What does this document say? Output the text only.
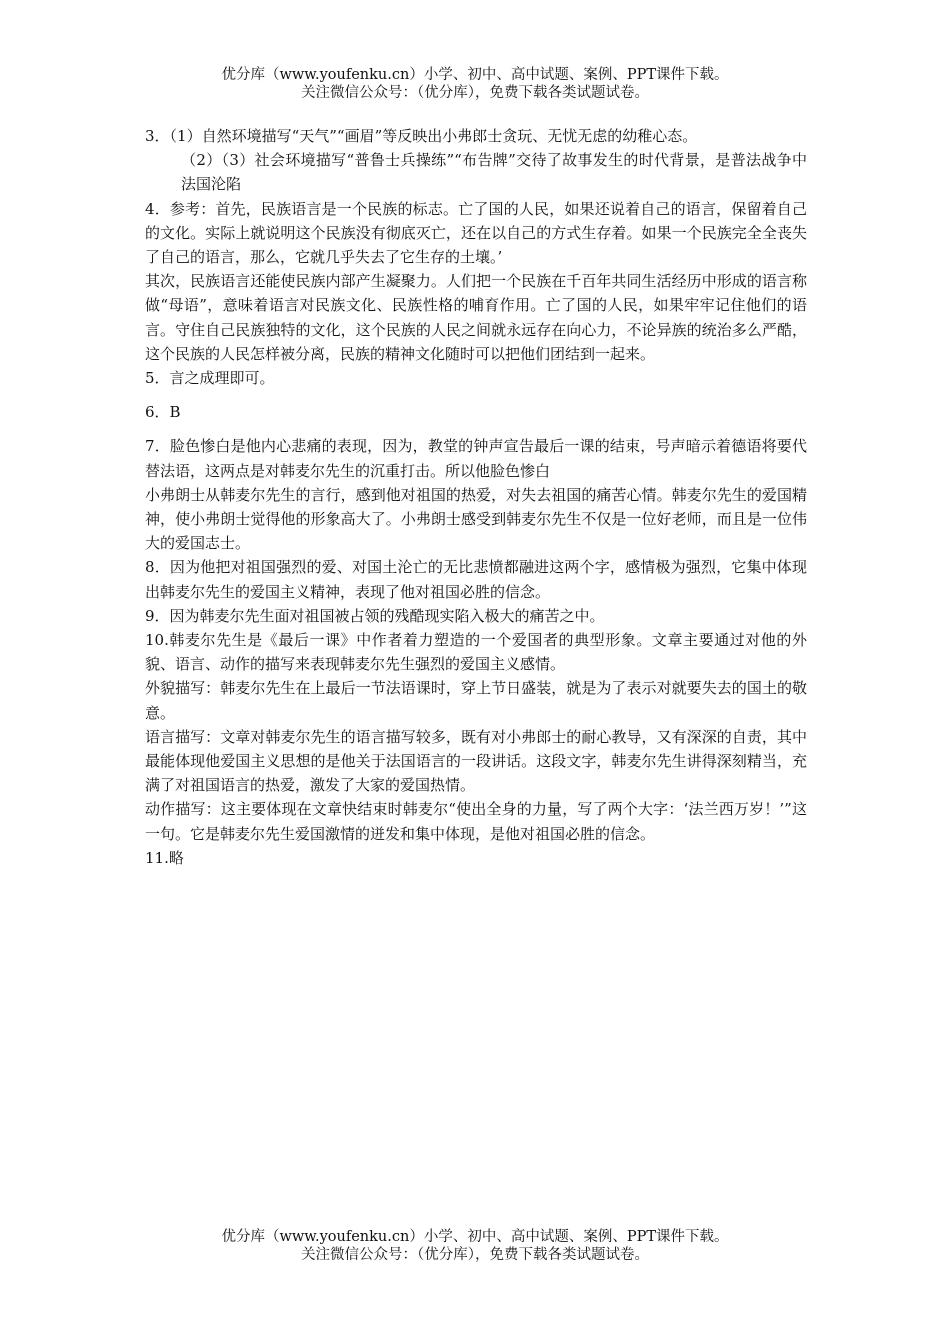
优分库（www.youfenku.cn）小学、初中、高中试题、案例、PPT课件下载。
关注微信公众号：（优分库），免费下载各类试题试卷。

3．（1）自然环境描写“天气”“画眉”等反映出小弗郎士贪玩、无忧无虑的幼稚心态。

（2）（3）社会环境描写“普鲁士兵操练”“布告牌”交待了故事发生的时代背景，是普法战争中法国沦陷

4．参考：首先，民族语言是一个民族的标志。亡了国的人民，如果还说着自己的语言，保留着自己的文化。实际上就说明这个民族没有彻底灭亡，还在以自己的方式生存着。如果一个民族完全全丧失了自己的语言，那么，它就几乎失去了它生存的土壤。’

其次，民族语言还能使民族内部产生凝聚力。人们把一个民族在千百年共同生活经历中形成的语言称做“母语”，意味着语言对民族文化、民族性格的哺育作用。亡了国的人民，如果牢牢记住他们的语言。守住自己民族独特的文化，这个民族的人民之间就永远存在向心力，不论异族的统治多么严酷，这个民族的人民怎样被分离，民族的精神文化随时可以把他们团结到一起来。

5．言之成理即可。

6．B

7．脸色惨白是他内心悲痛的表现，因为，教堂的钟声宣告最后一课的结束，号声暗示着德语将要代替法语，这两点是对韩麦尔先生的沉重打击。所以他脸色惨白

小弗朗士从韩麦尔先生的言行，感到他对祖国的热爱，对失去祖国的痛苦心情。韩麦尔先生的爱国精神，使小弗朗士觉得他的形象高大了。小弗朗士感受到韩麦尔先生不仅是一位好老师，而且是一位伟大的爱国志士。

8．因为他把对祖国强烈的爱、对国土沦亡的无比悲愤都融进这两个字，感情极为强烈，它集中体现出韩麦尔先生的爱国主义精神，表现了他对祖国必胜的信念。

9．因为韩麦尔先生面对祖国被占领的残酷现实陷入极大的痛苦之中。

10.韩麦尔先生是《最后一课》中作者着力塑造的一个爱国者的典型形象。文章主要通过对他的外貌、语言、动作的描写来表现韩麦尔先生强烈的爱国主义感情。

外貌描写：韩麦尔先生在上最后一节法语课时，穿上节日盛装，就是为了表示对就要失去的国土的敬意。

语言描写：文章对韩麦尔先生的语言描写较多，既有对小弗郎士的耐心教导，又有深深的自责，其中最能体现他爱国主义思想的是他关于法国语言的一段讲话。这段文字，韩麦尔先生讲得深刻精当，充满了对祖国语言的热爱，激发了大家的爱国热情。

动作描写：这主要体现在文章快结束时韩麦尔“使出全身的力量，写了两个大字：‘法兰西万岁！’”这一句。它是韩麦尔先生爱国激情的迸发和集中体现，是他对祖国必胜的信念。

11.略

优分库（www.youfenku.cn）小学、初中、高中试题、案例、PPT课件下载。
关注微信公众号：（优分库），免费下载各类试题试卷。
